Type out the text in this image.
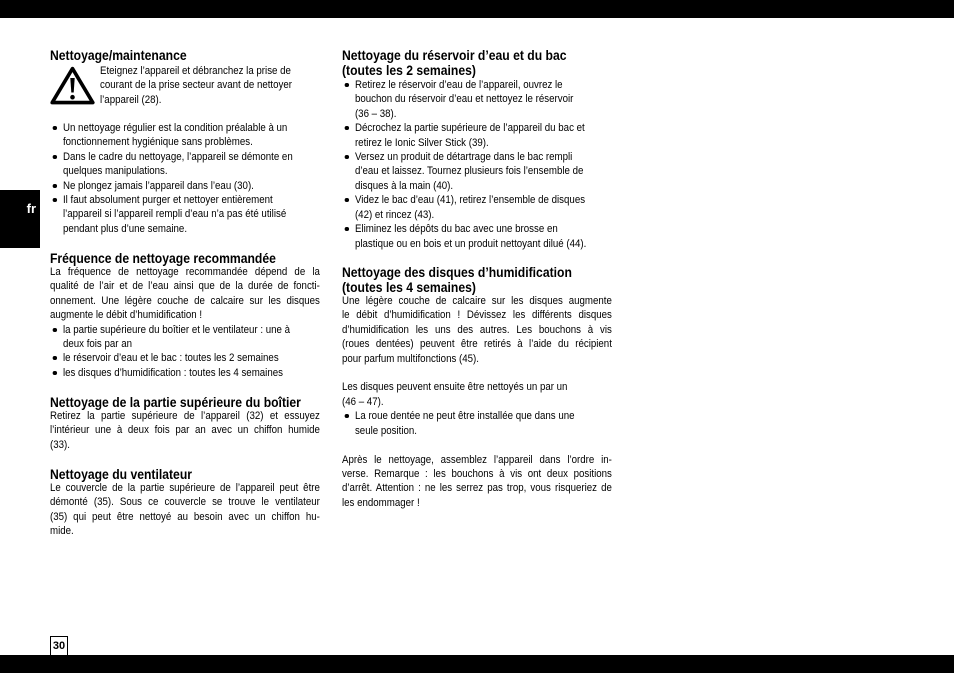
fr
30
Nettoyage/maintenance
Eteignez l’appareil et débranchez la prise de
courant de la prise secteur avant de nettoyer
l’appareil (28).
Un nettoyage régulier est la condition préalable à un
fonctionnement hygiénique sans problèmes.
Dans le cadre du nettoyage, l’appareil se démonte en
quelques manipulations.
Ne plongez jamais l’appareil dans l’eau (30).
Il faut absolument purger et nettoyer entièrement
l’appareil si l’appareil rempli d’eau n’a pas été utilisé
pendant plus d’une semaine.
Fréquence de nettoyage recommandée
La fréquence de nettoyage recommandée dépend de la
qualité de l’air et de l’eau ainsi que de la durée de foncti-
onnement. Une légère couche de calcaire sur les disques
augmente le débit d’humidification !
la partie supérieure du boîtier et le ventilateur : une à
deux fois par an
le réservoir d’eau et le bac : toutes les 2 semaines
les disques d’humidification : toutes les 4 semaines
Nettoyage de la partie supérieure du boîtier
Retirez la partie supérieure de l’appareil (32) et essuyez
l’intérieur une à deux fois par an avec un chiffon humide
(33).
Nettoyage du ventilateur
Le couvercle de la partie supérieure de l’appareil peut être
démonté (35). Sous ce couvercle se trouve le ventilateur
(35) qui peut être nettoyé au besoin avec un chiffon hu-
mide.
Nettoyage du réservoir d’eau et du bac
(toutes les 2 semaines)
Retirez le réservoir d’eau de l’appareil, ouvrez le
bouchon du réservoir d’eau et nettoyez le réservoir
(36 – 38).
Décrochez la partie supérieure de l’appareil du bac et
retirez le Ionic Silver Stick (39).
Versez un produit de détartrage dans le bac rempli
d’eau et laissez. Tournez plusieurs fois l’ensemble de
disques à la main (40).
Videz le bac d’eau (41), retirez l’ensemble de disques
(42) et rincez (43).
Eliminez les dépôts du bac avec une brosse en
plastique ou en bois et un produit nettoyant dilué (44).
Nettoyage des disques d’humidification
(toutes les 4 semaines)
Une légère couche de calcaire sur les disques augmente
le débit d’humidification ! Dévissez les différents disques
d’humidification les uns des autres. Les bouchons à vis
(roues dentées) peuvent être retirés à l’aide du récipient
pour parfum multifonctions (45).
Les disques peuvent ensuite être nettoyés un par un
(46 – 47).
La roue dentée ne peut être installée que dans une
seule position.
Après le nettoyage, assemblez l’appareil dans l’ordre in-
verse. Remarque : les bouchons à vis ont deux positions
d’arrêt. Attention : ne les serrez pas trop, vous risqueriez de
les endommager !
